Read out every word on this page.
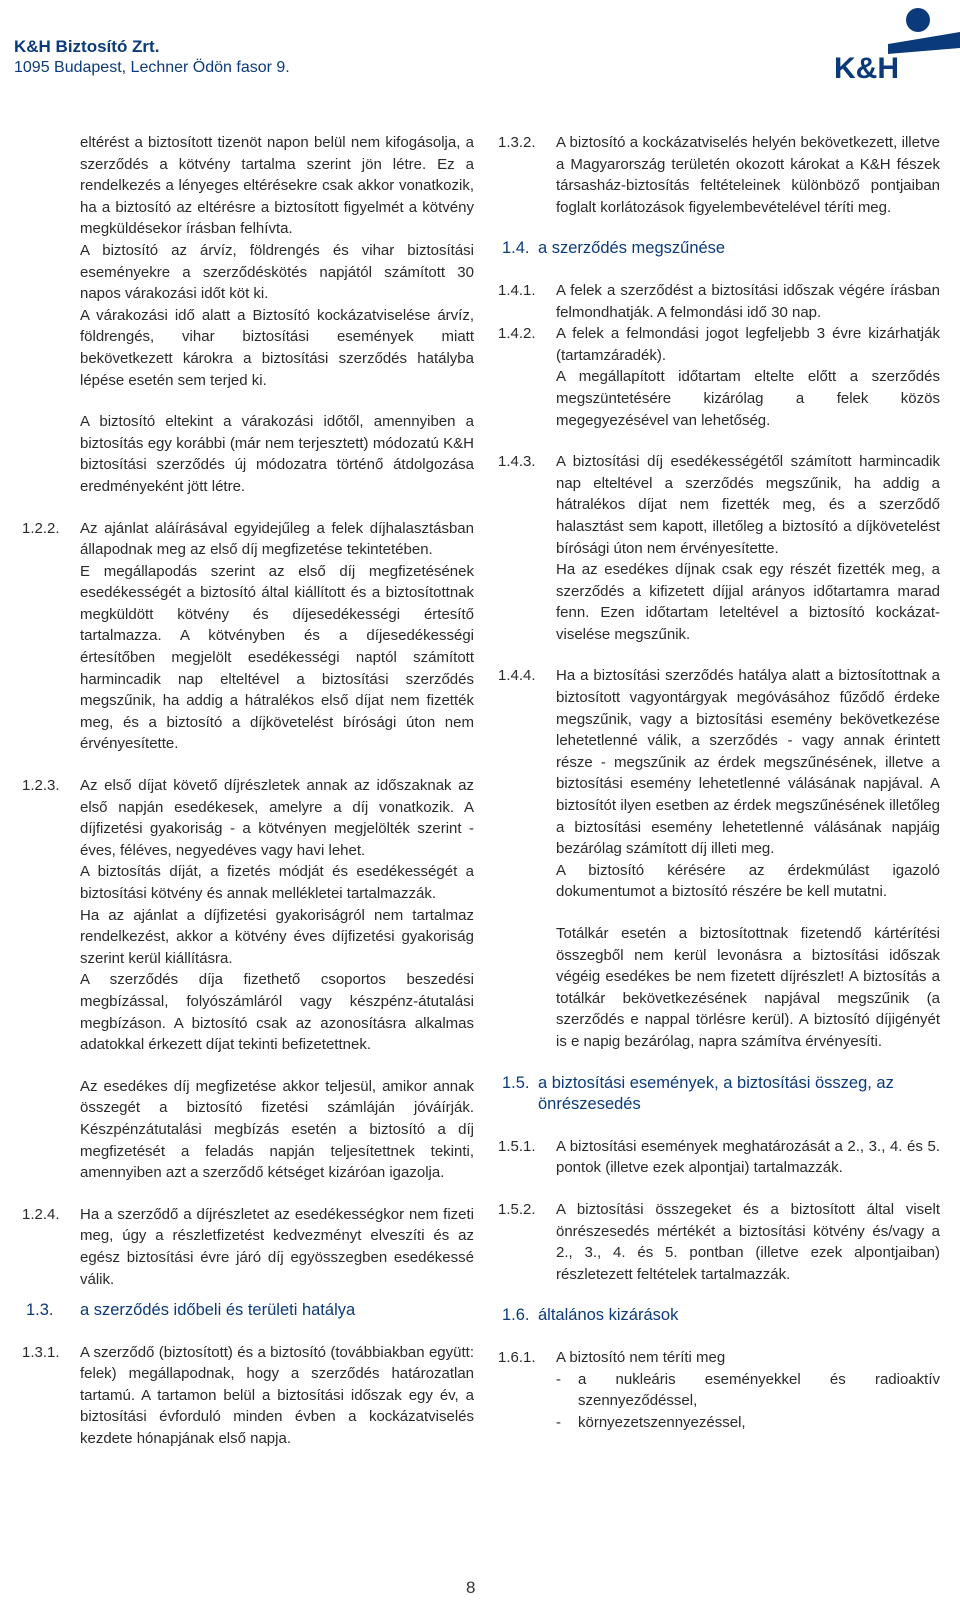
K&H Biztosító Zrt.
1095 Budapest, Lechner Ödön fasor 9.	K&H

eltérést a biztosított tizenöt napon belül nem kifogásolja, a szerződés a kötvény tartalma szerint jön létre. Ez a rendelkezés a lényeges eltérésekre csak akkor vonatkozik, ha a biztosító az eltérésre a biztosított figyelmét a kötvény megküldésekor írásban felhívta.

A biztosító az árvíz, földrengés és vihar biztosítási eseményekre a szerződéskötés napjától számított 30 napos várakozási időt köt ki.

A várakozási idő alatt a Biztosító kockázatviselése árvíz, földrengés, vihar biztosítási események miatt bekövetkezett károkra a biztosítási szerződés hatályba lépése esetén sem terjed ki.

A biztosító eltekint a várakozási időtől, amennyiben a biztosítás egy korábbi (már nem terjesztett) módozatú K&H biztosítási szerződés új módozatra történő átdolgozása eredményeként jött létre.

1.2.2.	Az ajánlat aláírásával egyidejűleg a felek díjhalasztásban állapodnak meg az első díj megfizetése tekintetében.

E megállapodás szerint az első díj megfizetésének esedékességét a biztosító által kiállított és a biztosítottnak megküldött kötvény és díjesedékességi értesítő tartalmazza. A kötvényben és a díjesedékességi értesítőben megjelölt esedékességi naptól számított harmincadik nap elteltével a biztosítási szerződés megszűnik, ha addig a hátralékos első díjat nem fizették meg, és a biztosító a díjkövetelést bírósági úton nem érvényesítette.

1.2.3.	Az első díjat követő díjrészletek annak az időszaknak az első napján esedékesek, amelyre a díj vonatkozik. A díjfizetési gyakoriság - a kötvényen megjelölték szerint - éves, féléves, negyedéves vagy havi lehet.

A biztosítás díját, a fizetés módját és esedékességét a biztosítási kötvény és annak mellékletei tartalmazzák.

Ha az ajánlat a díjfizetési gyakoriságról nem tartalmaz rendelkezést, akkor a kötvény éves díjfizetési gyakoriság szerint kerül kiállításra.

A szerződés díja fizethető csoportos beszedési megbízással, folyószámláról vagy készpénz-átutalási megbízáson. A biztosító csak az azonosításra alkalmas adatokkal érkezett díjat tekinti befizetettnek.

Az esedékes díj megfizetése akkor teljesül, amikor annak összegét a biztosító fizetési számláján jóváírják. Készpénzátutalási megbízás esetén a biztosító a díj megfizetését a feladás napján teljesítettnek tekinti, amennyiben azt a szerződő kétséget kizáróan igazolja.

1.2.4.	Ha a szerződő a díjrészletet az esedékességkor nem fizeti meg, úgy a részletfizetést kedvezményt elveszíti és az egész biztosítási évre járó díj egyösszegben esedékessé válik.

1.3.	a szerződés időbeli és területi hatálya
1.3.1.	A szerződő (biztosított) és a biztosító (továbbiakban együtt: felek) megállapodnak, hogy a szerződés határozatlan tartamú. A tartamon belül a biztosítási időszak egy év, a biztosítási évforduló minden évben a kockázatviselés kezdete hónapjának első napja.

1.3.2.	A biztosító a kockázatviselés helyén bekövetkezett, illetve a Magyarország területén okozott károkat a K&H fészek társasház-biztosítás feltételeinek különböző pontjaiban foglalt korlátozások figyelembevételével téríti meg.

1.4. a szerződés megszűnése
1.4.1.	A felek a szerződést a biztosítási időszak végére írásban felmondhatják. A felmondási idő 30 nap.

1.4.2.	A felek a felmondási jogot legfeljebb 3 évre kizárhatják (tartamzáradék).

A megállapított időtartam eltelte előtt a szerződés megszüntetésére kizárólag a felek közös megegyezésével van lehetőség.

1.4.3.	A biztosítási díj esedékességétől számított harmincadik nap elteltével a szerződés megszűnik, ha addig a hátralékos díjat nem fizették meg, és a szerződő halasztást sem kapott, illetőleg a biztosító a díjkövetelést bírósági úton nem érvényesítette.

Ha az esedékes díjnak csak egy részét fizették meg, a szerződés a kifizetett díjjal arányos időtartamra marad fenn. Ezen időtartam leteltével a biztosító kockázat-viselése megszűnik.

1.4.4.	Ha a biztosítási szerződés hatálya alatt a biztosítottnak a biztosított vagyontárgyak megóvásához fűződő érdeke megszűnik, vagy a biztosítási esemény bekövetkezése lehetetlenné válik, a szerződés - vagy annak érintett része - megszűnik az érdek megszűnésének, illetve a biztosítási esemény lehetetlenné válásának napjával. A biztosítót ilyen esetben az érdek megszűnésének illetőleg a biztosítási esemény lehetetlenné válásának napjáig bezárólag számított díj illeti meg.

A biztosító kérésére az érdekmúlást igazoló dokumentumot a biztosító részére be kell mutatni.

Totálkár esetén a biztosítottnak fizetendő kártérítési összegből nem kerül levonásra a biztosítási időszak végéig esedékes be nem fizetett díjrészlet! A biztosítás a totálkár bekövetkezésének napjával megszűnik (a szerződés e nappal törlésre kerül). A biztosító díjigényét is e napig bezárólag, napra számítva érvényesíti.

1.5. a biztosítási események, a biztosítási összeg, az önrészesedés
1.5.1.	A biztosítási események meghatározását a 2., 3., 4. és 5. pontok (illetve ezek alpontjai) tartalmazzák.

1.5.2.	A biztosítási összegeket és a biztosított által viselt önrészesedés mértékét a biztosítási kötvény és/vagy a 2., 3., 4. és 5. pontban (illetve ezek alpontjaiban) részletezett feltételek tartalmazzák.

1.6. általános kizárások
1.6.1.	A biztosító nem téríti meg

-	a nukleáris eseményekkel és radioaktív szennyeződéssel,
-	környezetszennyezéssel,
8
